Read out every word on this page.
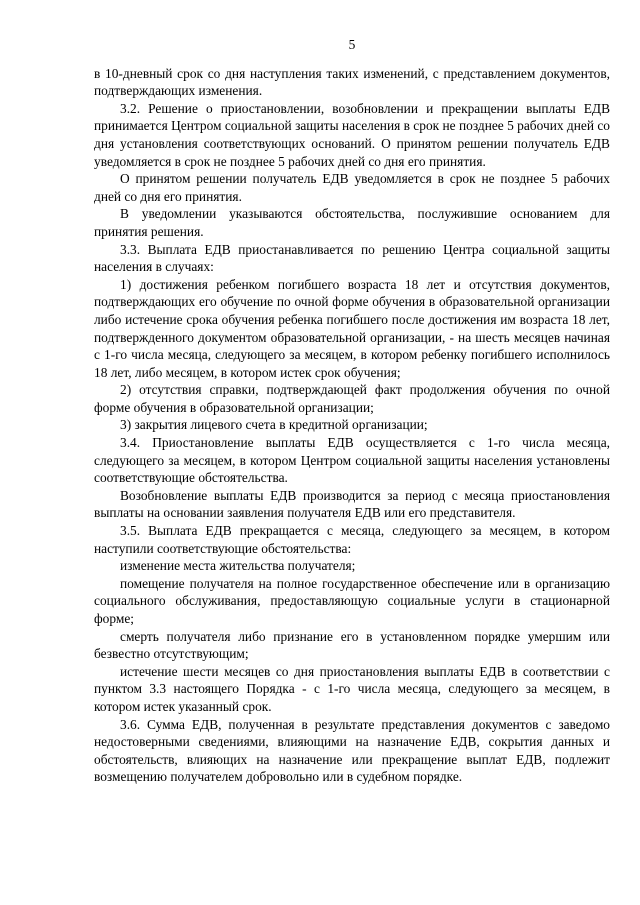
5

в 10-дневный срок со дня наступления таких изменений, с представлением документов, подтверждающих изменения.

3.2. Решение о приостановлении, возобновлении и прекращении выплаты ЕДВ принимается Центром социальной защиты населения в срок не позднее 5 рабочих дней со дня установления соответствующих оснований. О принятом решении получатель ЕДВ уведомляется в срок не позднее 5 рабочих дней со дня его принятия.

О принятом решении получатель ЕДВ уведомляется в срок не позднее 5 рабочих дней со дня его принятия.

В уведомлении указываются обстоятельства, послужившие основанием для принятия решения.

3.3. Выплата ЕДВ приостанавливается по решению Центра социальной защиты населения в случаях:

1) достижения ребенком погибшего возраста 18 лет и отсутствия документов, подтверждающих его обучение по очной форме обучения в образовательной организации либо истечение срока обучения ребенка погибшего после достижения им возраста 18 лет, подтвержденного документом образовательной организации, - на шесть месяцев начиная с 1-го числа месяца, следующего за месяцем, в котором ребенку погибшего исполнилось 18 лет, либо месяцем, в котором истек срок обучения;

2) отсутствия справки, подтверждающей факт продолжения обучения по очной форме обучения в образовательной организации;

3) закрытия лицевого счета в кредитной организации;

3.4. Приостановление выплаты ЕДВ осуществляется с 1-го числа месяца, следующего за месяцем, в котором Центром социальной защиты населения установлены соответствующие обстоятельства.

Возобновление выплаты ЕДВ производится за период с месяца приостановления выплаты на основании заявления получателя ЕДВ или его представителя.

3.5. Выплата ЕДВ прекращается с месяца, следующего за месяцем, в котором наступили соответствующие обстоятельства:

изменение места жительства получателя;

помещение получателя на полное государственное обеспечение или в организацию социального обслуживания, предоставляющую социальные услуги в стационарной форме;

смерть получателя либо признание его в установленном порядке умершим или безвестно отсутствующим;

истечение шести месяцев со дня приостановления выплаты ЕДВ в соответствии с пунктом 3.3 настоящего Порядка - с 1-го числа месяца, следующего за месяцем, в котором истек указанный срок.

3.6. Сумма ЕДВ, полученная в результате представления документов с заведомо недостоверными сведениями, влияющими на назначение ЕДВ, сокрытия данных и обстоятельств, влияющих на назначение или прекращение выплат ЕДВ, подлежит возмещению получателем добровольно или в судебном порядке.
